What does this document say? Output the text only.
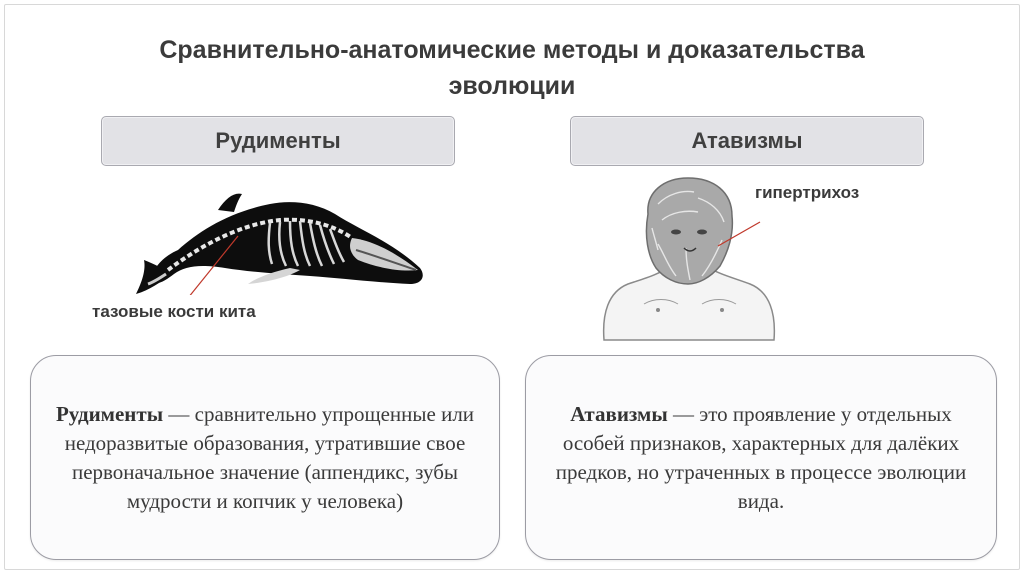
Сравнительно-анатомические методы и доказательства
эволюции
Рудименты	Атавизмы
тазовые кости кита
гипертрихоз

Рудименты — сравнительно упрощенные или недоразвитые образования, утратившие свое первоначальное значение (аппендикс, зубы мудрости и копчик у человека)

Атавизмы — это проявление у отдельных особей признаков, характерных для далёких предков, но утраченных в процессе эволюции вида.
